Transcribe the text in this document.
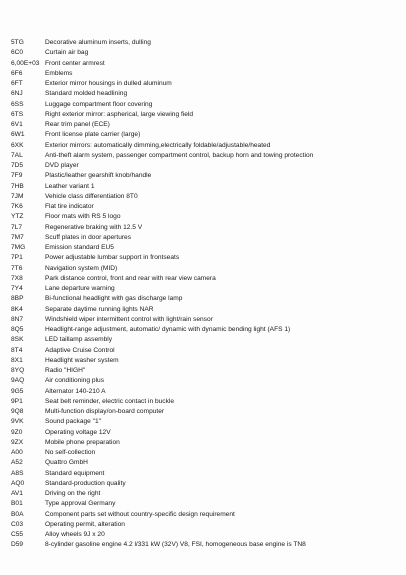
5TG	Decorative aluminum inserts, dulling
6C0	Curtain air bag
6,00E+03 Front center armrest
6F6	Emblems
6FT	Exterior mirror housings in dulled aluminum
6NJ	Standard molded headlining
6SS	Luggage compartment floor covering
6TS	Right exterior mirror: aspherical, large viewing field
6V1	Rear trim panel (ECE)
6W1	Front license plate carrier (large)
6XK	Exterior mirrors: automatically dimming,electrically foldable/adjustable/heated
7AL	Anti-theft alarm system, passenger compartment control, backup horn and towing protection
7D5	DVD player
7F9	Plastic/leather gearshift knob/handle
7HB	Leather variant 1
7JM	Vehicle class differentiation 8T0
7K6	Flat tire indicator
YTZ	Floor mats with RS 5 logo
7L7	Regenerative braking with 12.5 V
7M7	Scuff plates in door apertures
7MG	Emission standard EU5
7P1	Power adjustable lumbar support in frontseats
7T6	Navigation system (MID)
7X8	Park distance control, front and rear with rear view camera
7Y4	Lane departure warning
8BP	Bi-functional headlight with gas discharge lamp
8K4	Separate daytime running lights NAR
8N7	Windshield wiper intermittent control with light/rain sensor
8Q5	Headlight-range adjustment, automatic/ dynamic with dynamic bending light (AFS 1)
8SK	LED taillamp assembly
8T4	Adaptive Cruise Control
8X1	Headlight washer system
8YQ	Radio "HIGH"
9AQ	Air conditioning plus
9G5	Alternator 140-210 A
9P1	Seat belt reminder, electric contact in buckle
9Q8	Multi-function display/on-board computer
9VK	Sound package "1"
9Z0	Operating voltage 12V
9ZX	Mobile phone preparation
A00	No self-collection
A52	Quattro GmbH
A8S	Standard equipment
AQ0	Standard-production quality
AV1	Driving on the right
B01	Type approval Germany
B0A	Component parts set without country-specific design requirement
C03	Operating permit, alteration
C55	Alloy wheels 9J x 20
D59	8-cylinder gasoline engine 4.2 l/331 kW (32V) V8, FSI, homogeneous base engine is TN8
